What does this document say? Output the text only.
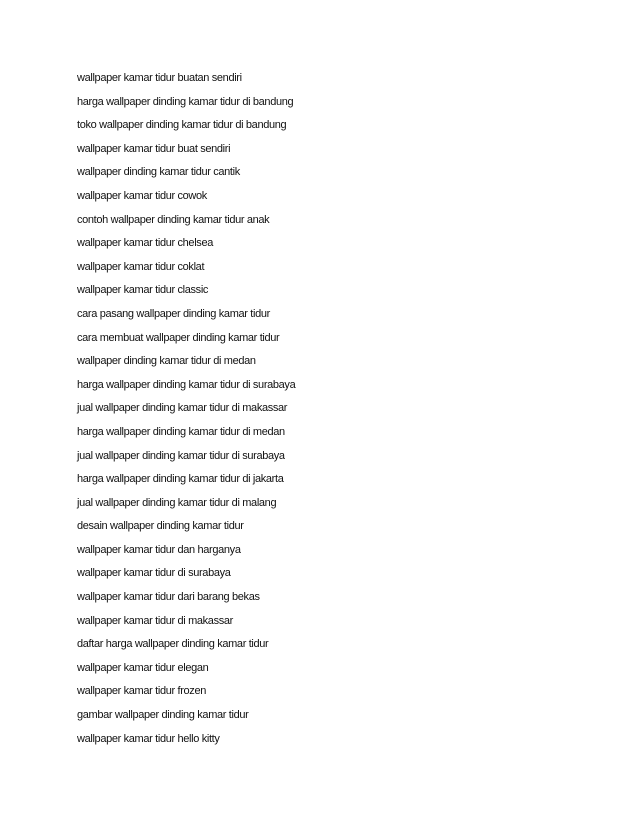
wallpaper kamar tidur buatan sendiri
harga wallpaper dinding kamar tidur di bandung
toko wallpaper dinding kamar tidur di bandung
wallpaper kamar tidur buat sendiri
wallpaper dinding kamar tidur cantik
wallpaper kamar tidur cowok
contoh wallpaper dinding kamar tidur anak
wallpaper kamar tidur chelsea
wallpaper kamar tidur coklat
wallpaper kamar tidur classic
cara pasang wallpaper dinding kamar tidur
cara membuat wallpaper dinding kamar tidur
wallpaper dinding kamar tidur di medan
harga wallpaper dinding kamar tidur di surabaya
jual wallpaper dinding kamar tidur di makassar
harga wallpaper dinding kamar tidur di medan
jual wallpaper dinding kamar tidur di surabaya
harga wallpaper dinding kamar tidur di jakarta
jual wallpaper dinding kamar tidur di malang
desain wallpaper dinding kamar tidur
wallpaper kamar tidur dan harganya
wallpaper kamar tidur di surabaya
wallpaper kamar tidur dari barang bekas
wallpaper kamar tidur di makassar
daftar harga wallpaper dinding kamar tidur
wallpaper kamar tidur elegan
wallpaper kamar tidur frozen
gambar wallpaper dinding kamar tidur
wallpaper kamar tidur hello kitty
